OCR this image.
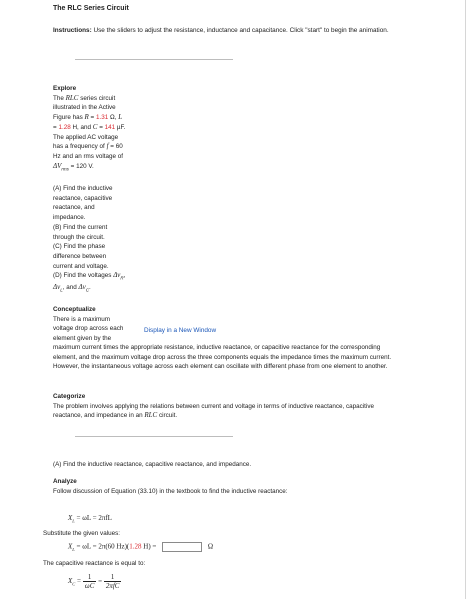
The RLC Series Circuit
Instructions: Use the sliders to adjust the resistance, inductance and capacitance. Click "start" to begin the animation.
Explore
The RLC series circuit
illustrated in the Active
Figure has R = 1.31 Ω, L
= 1.28 H, and C = 141 µF.
The applied AC voltage
has a frequency of f = 60
Hz and an rms voltage of
$\Delta V_{rms} = 120$ V.
(A) Find the inductive
reactance, capacitive
reactance, and
impedance.
(B) Find the current
through the circuit.
(C) Find the phase
difference between
current and voltage.
(D) Find the voltages $\Delta v_R$,
$\Delta v_L$, and $\Delta v_C$.
Conceptualize
There is a maximum
voltage drop across each
element given by the
Display in a New Window
maximum current times the appropriate resistance, inductive reactance, or capacitive reactance for the corresponding element, and the maximum voltage drop across the three components equals the impedance times the maximum current. However, the instantaneous voltage across each element can oscillate with different phase from one element to another.
Categorize
The problem involves applying the relations between current and voltage in terms of inductive reactance, capacitive reactance, and impedance in an RLC circuit.
(A) Find the inductive reactance, capacitive reactance, and impedance.
Analyze
Follow discussion of Equation (33.10) in the textbook to find the inductive reactance:
$X_L = \omega L = 2\pi fL$
Substitute the given values:
$X_L = \omega L = 2\pi(60$ Hz)(1.28 H) =	Ω
The capacitive reactance is equal to:
$X_C = \frac{1}{\omega C} = \frac{1}{\text{2πfC}}$
